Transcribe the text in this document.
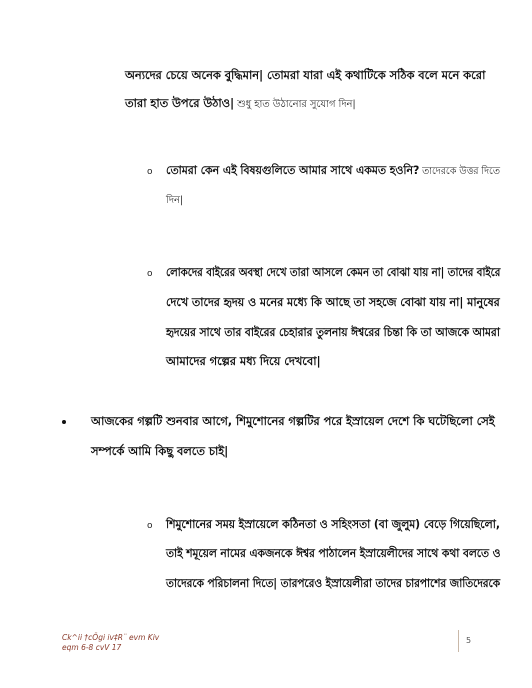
অন্যদের চেয়ে অনেক বুদ্ধিমান| তোমরা যারা এই কথাটিকে সঠিক বলে মনে করো
তারা হাত উপরে উঠাও| শুধু হাত উঠানোর সুযোগ দিন|
o তোমরা কেন এই বিষয়গুলিতে আমার সাথে একমত হওনি? তাদেরকে উত্তর দিতে
দিন|
o লোকদের বাইরের অবস্থা দেখে তারা আসলে কেমন তা বোঝা যায় না| তাদের বাইরে
দেখে তাদের হৃদয় ও মনের মধ্যে কি আছে তা সহজে বোঝা যায় না| মানুষের
হৃদয়ের সাথে তার বাইরের চেহারার তুলনায় ঈশ্বরের চিন্তা কি তা আজকে আমরা
আমাদের গল্পের মধ্য দিয়ে দেখবো|
আজকের গল্পটি শুনবার আগে, শিমুশোনের গল্পটির পরে ইস্রায়েল দেশে কি ঘটেছিলো সেই
সম্পর্কে আমি কিছু বলতে চাই|
o শিমুশোনের সময় ইস্রায়েলে কঠিনতা ও সহিংসতা (বা জুলুম) বেড়ে গিয়েছিলো,
তাই শমূয়েল নামের একজনকে ঈশ্বর পাঠালেন ইস্রায়েলীদের সাথে কথা বলতে ও
তাদেরকে পরিচালনা দিতে| তারপরেও ইস্রায়েলীরা তাদের চারপাশের জাতিদেরকে
Ck^ii †cÖgi iv‡R¨ evm Kiv
eqm 6-8 cvV 17
5
